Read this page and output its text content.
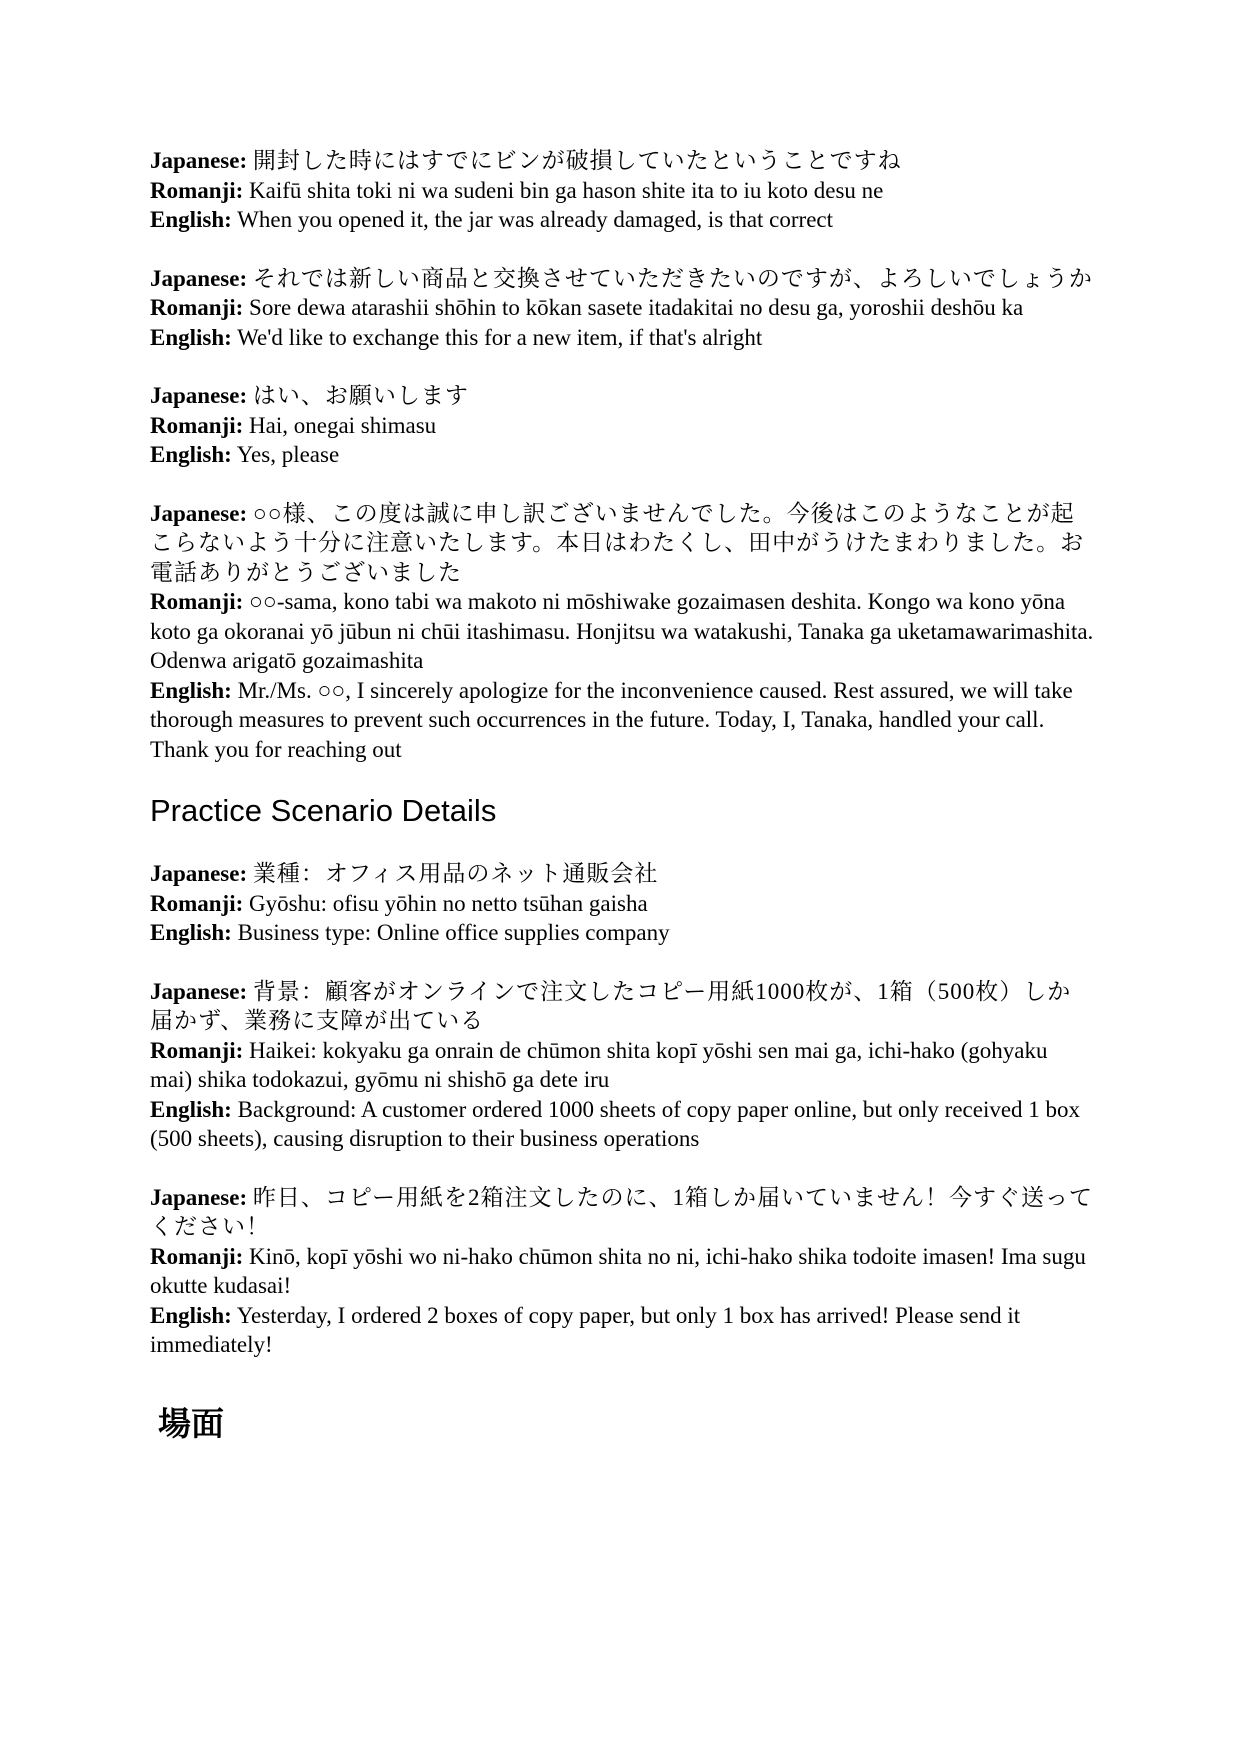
Japanese: 開封した時にはすでにビンが破損していたということですね
Romanji: Kaifū shita toki ni wa sudeni bin ga hason shite ita to iu koto desu ne
English: When you opened it, the jar was already damaged, is that correct
Japanese: それでは新しい商品と交換させていただきたいのですが、よろしいでしょうか
Romanji: Sore dewa atarashii shōhin to kōkan sasete itadakitai no desu ga, yoroshii deshōu ka
English: We'd like to exchange this for a new item, if that's alright
Japanese: はい、お願いします
Romanji: Hai, onegai shimasu
English: Yes, please
Japanese: ○○様、この度は誠に申し訳ございませんでした。今後はこのようなことが起こらないよう十分に注意いたします。本日はわたくし、田中がうけたまわりました。お電話ありがとうございました
Romanji: ○○-sama, kono tabi wa makoto ni mōshiwake gozaimasen deshita. Kongo wa kono yōna koto ga okoranai yō jūbun ni chūi itashimasu. Honjitsu wa watakushi, Tanaka ga uketamawarimashita. Odenwa arigatō gozaimashita
English: Mr./Ms. ○○, I sincerely apologize for the inconvenience caused. Rest assured, we will take thorough measures to prevent such occurrences in the future. Today, I, Tanaka, handled your call. Thank you for reaching out
Practice Scenario Details
Japanese: 業種：オフィス用品のネット通販会社
Romanji: Gyōshu: ofisu yōhin no netto tsūhan gaisha
English: Business type: Online office supplies company
Japanese: 背景：顧客がオンラインで注文したコピー用紙1000枚が、1箱（500枚）しか届かず、業務に支障が出ている
Romanji: Haikei: kokyaku ga onrain de chūmon shita kopī yōshi sen mai ga, ichi-hako (gohyaku mai) shika todokazui, gyōmu ni shishō ga dete iru
English: Background: A customer ordered 1000 sheets of copy paper online, but only received 1 box (500 sheets), causing disruption to their business operations
Japanese: 昨日、コピー用紙を2箱注文したのに、1箱しか届いていません！今すぐ送ってください！
Romanji: Kinō, kopī yōshi wo ni-hako chūmon shita no ni, ichi-hako shika todoite imasen! Ima sugu okutte kudasai!
English: Yesterday, I ordered 2 boxes of copy paper, but only 1 box has arrived! Please send it immediately!
場面
